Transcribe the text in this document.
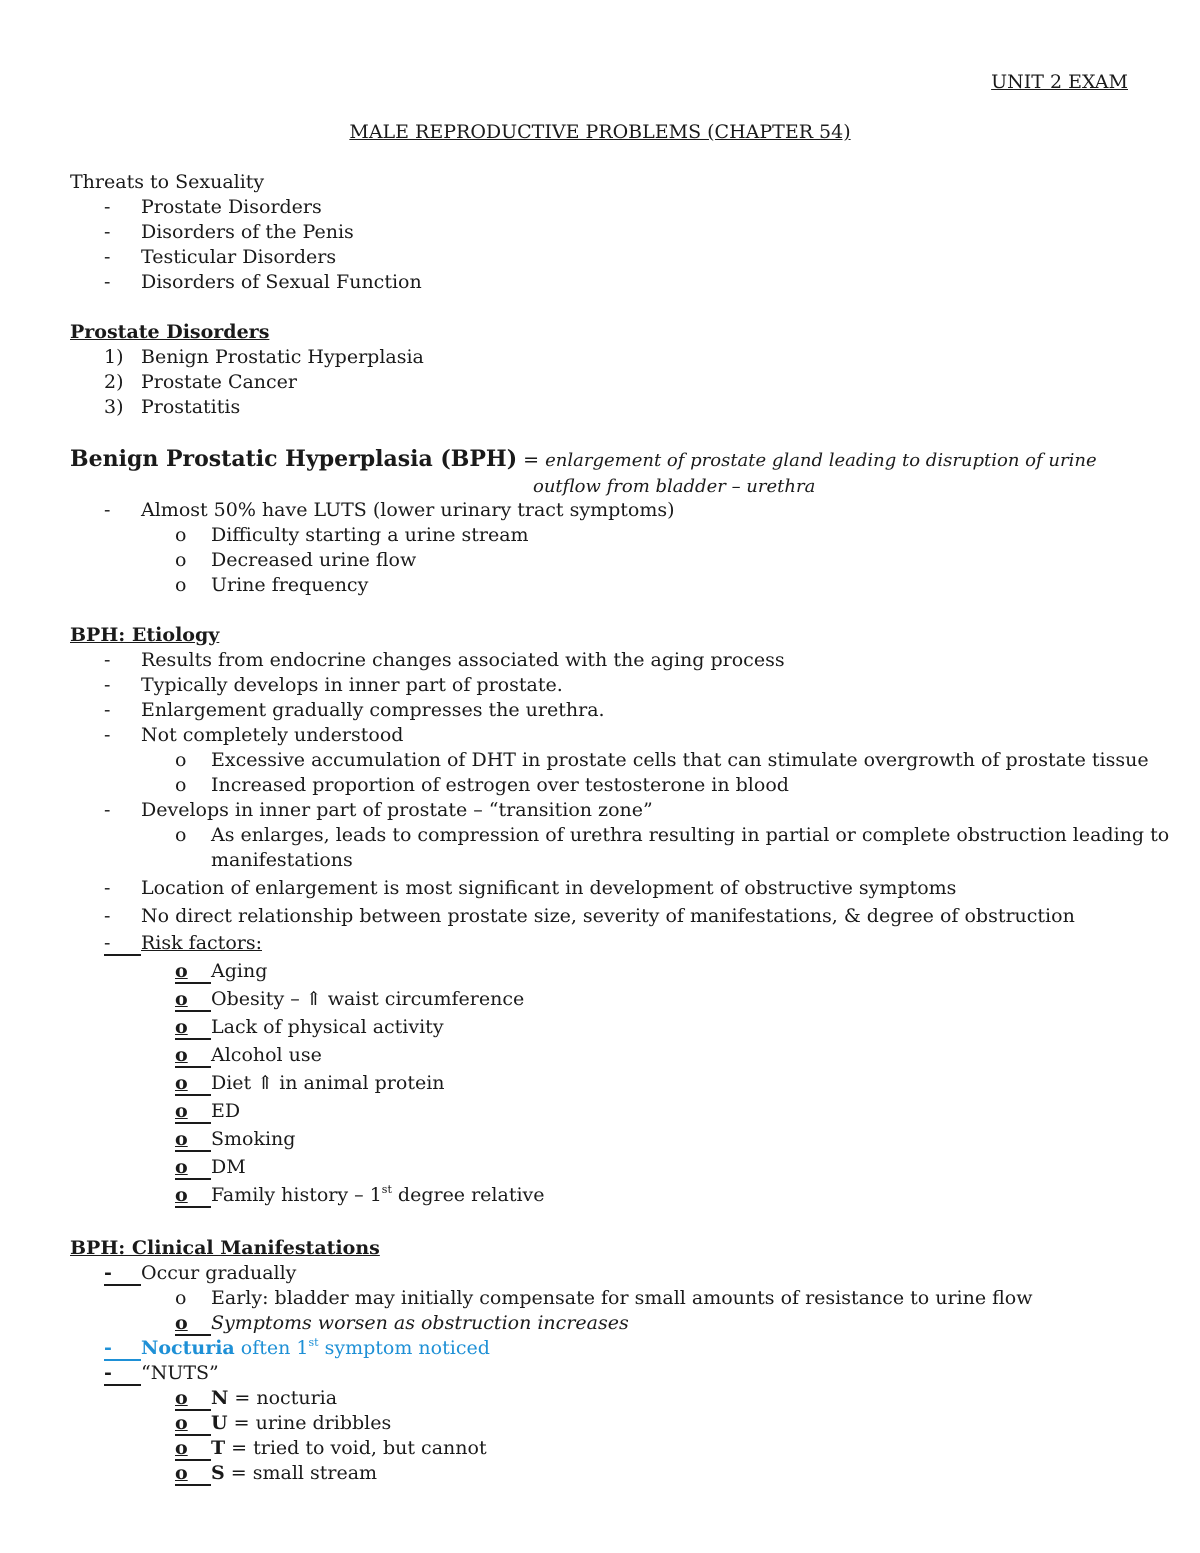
UNIT 2 EXAM
MALE REPRODUCTIVE PROBLEMS (CHAPTER 54)
Threats to Sexuality
- Prostate Disorders
- Disorders of the Penis
- Testicular Disorders
- Disorders of Sexual Function
Prostate Disorders
1) Benign Prostatic Hyperplasia
2) Prostate Cancer
3) Prostatitis
Benign Prostatic Hyperplasia (BPH) = enlargement of prostate gland leading to disruption of urine
outflow from bladder – urethra
- Almost 50% have LUTS (lower urinary tract symptoms)
o Difficulty starting a urine stream
o Decreased urine flow
o Urine frequency
BPH: Etiology
- Results from endocrine changes associated with the aging process
- Typically develops in inner part of prostate.
- Enlargement gradually compresses the urethra.
- Not completely understood
o Excessive accumulation of DHT in prostate cells that can stimulate overgrowth of prostate tissue
o Increased proportion of estrogen over testosterone in blood
- Develops in inner part of prostate – “transition zone”
o As enlarges, leads to compression of urethra resulting in partial or complete obstruction leading to
manifestations
- Location of enlargement is most significant in development of obstructive symptoms
- No direct relationship between prostate size, severity of manifestations, & degree of obstruction
- Risk factors:
o Aging
o Obesity – ⇑ waist circumference
o Lack of physical activity
o Alcohol use
o Diet ⇑ in animal protein
o ED
o Smoking
o DM
o Family history – 1st degree relative
BPH: Clinical Manifestations
- Occur gradually
o Early: bladder may initially compensate for small amounts of resistance to urine flow
o Symptoms worsen as obstruction increases
- Nocturia often 1st symptom noticed
- “NUTS”
o N = nocturia
o U = urine dribbles
o T = tried to void, but cannot
o S = small stream
